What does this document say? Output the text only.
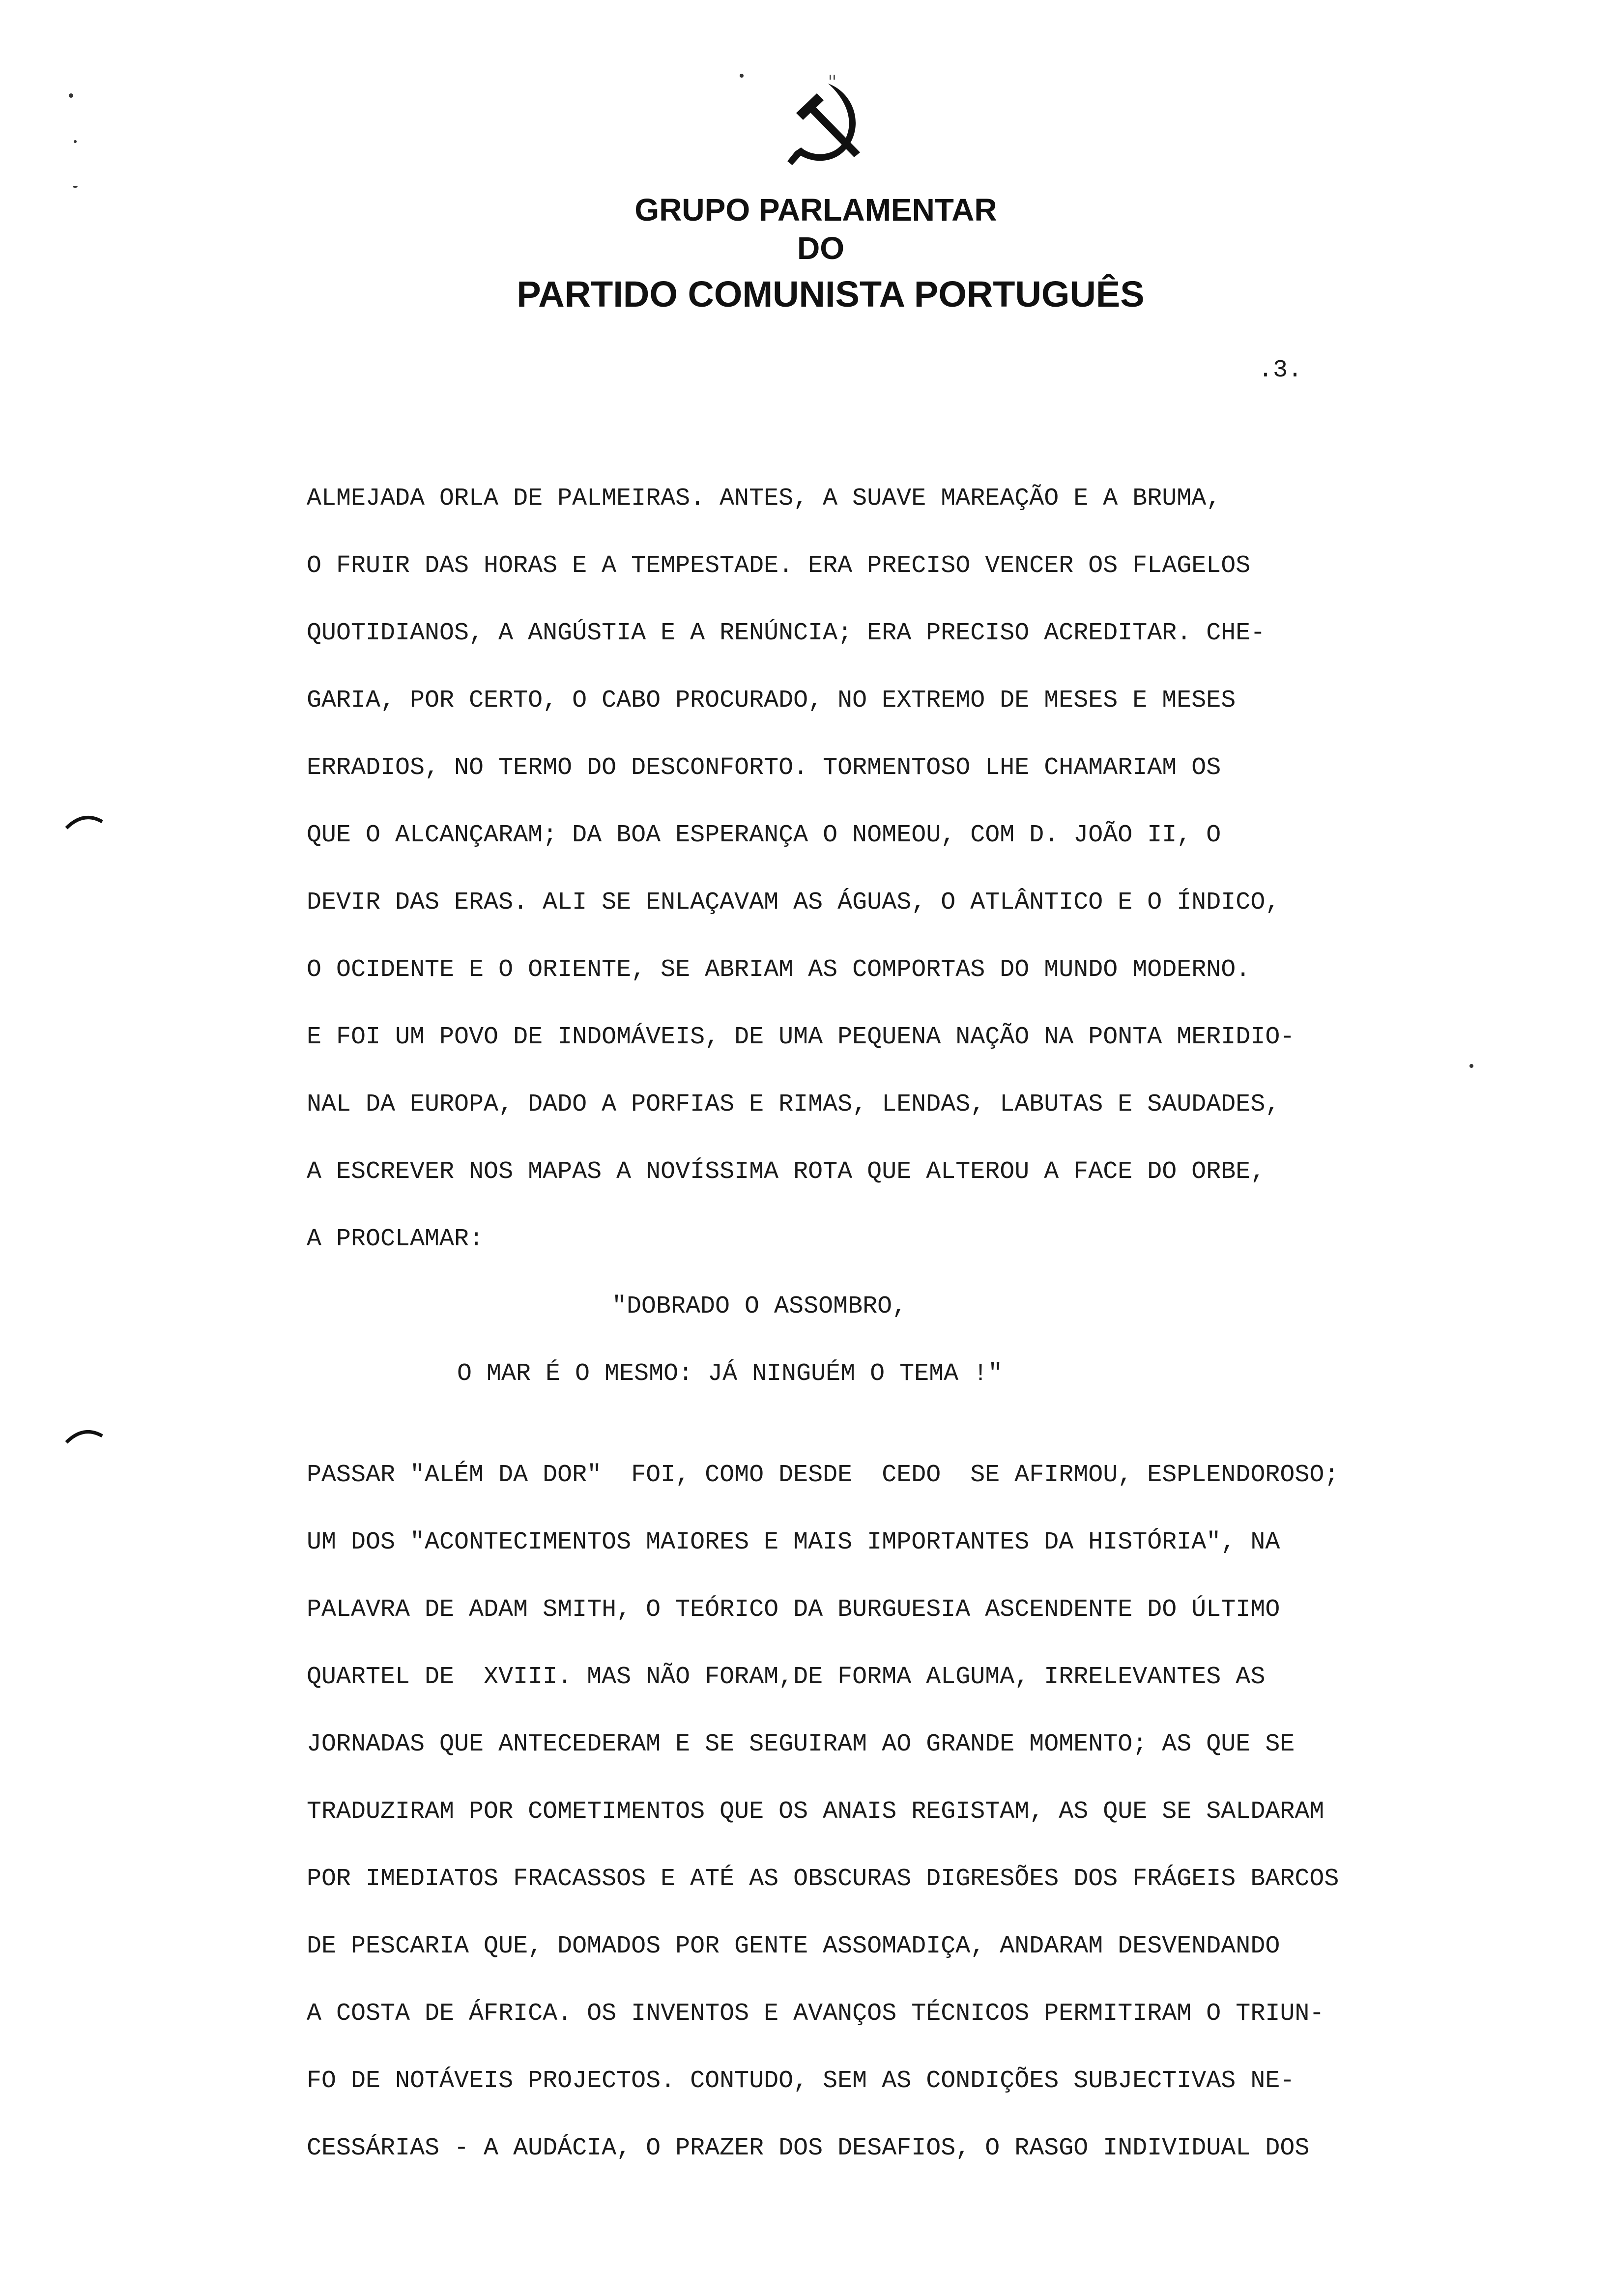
GRUPO PARLAMENTAR
DO
PARTIDO COMUNISTA PORTUGUÊS
.3.
ALMEJADA ORLA DE PALMEIRAS. ANTES, A SUAVE MAREAÇÃO E A BRUMA,
O FRUIR DAS HORAS E A TEMPESTADE. ERA PRECISO VENCER OS FLAGELOS
QUOTIDIANOS, A ANGÚSTIA E A RENÚNCIA; ERA PRECISO ACREDITAR. CHE-
GARIA, POR CERTO, O CABO PROCURADO, NO EXTREMO DE MESES E MESES
ERRADIOS, NO TERMO DO DESCONFORTO. TORMENTOSO LHE CHAMARIAM OS
QUE O ALCANÇARAM; DA BOA ESPERANÇA O NOMEOU, COM D. JOÃO II, O
DEVIR DAS ERAS. ALI SE ENLAÇAVAM AS ÁGUAS, O ATLÂNTICO E O ÍNDICO,
O OCIDENTE E O ORIENTE, SE ABRIAM AS COMPORTAS DO MUNDO MODERNO.
E FOI UM POVO DE INDOMÁVEIS, DE UMA PEQUENA NAÇÃO NA PONTA MERIDIO-
NAL DA EUROPA, DADO A PORFIAS E RIMAS, LENDAS, LABUTAS E SAUDADES,
A ESCREVER NOS MAPAS A NOVÍSSIMA ROTA QUE ALTEROU A FACE DO ORBE,
A PROCLAMAR:
"DOBRADO O ASSOMBRO,
O MAR É O MESMO: JÁ NINGUÉM O TEMA !"
PASSAR "ALÉM DA DOR"  FOI, COMO DESDE  CEDO  SE AFIRMOU, ESPLENDOROSO;
UM DOS "ACONTECIMENTOS MAIORES E MAIS IMPORTANTES DA HISTÓRIA", NA
PALAVRA DE ADAM SMITH, O TEÓRICO DA BURGUESIA ASCENDENTE DO ÚLTIMO
QUARTEL DE  XVIII. MAS NÃO FORAM,DE FORMA ALGUMA, IRRELEVANTES AS
JORNADAS QUE ANTECEDERAM E SE SEGUIRAM AO GRANDE MOMENTO; AS QUE SE
TRADUZIRAM POR COMETIMENTOS QUE OS ANAIS REGISTAM, AS QUE SE SALDARAM
POR IMEDIATOS FRACASSOS E ATÉ AS OBSCURAS DIGRESÕES DOS FRÁGEIS BARCOS
DE PESCARIA QUE, DOMADOS POR GENTE ASSOMADIÇA, ANDARAM DESVENDANDO
A COSTA DE ÁFRICA. OS INVENTOS E AVANÇOS TÉCNICOS PERMITIRAM O TRIUN-
FO DE NOTÁVEIS PROJECTOS. CONTUDO, SEM AS CONDIÇÕES SUBJECTIVAS NE-
CESSÁRIAS - A AUDÁCIA, O PRAZER DOS DESAFIOS, O RASGO INDIVIDUAL DOS
